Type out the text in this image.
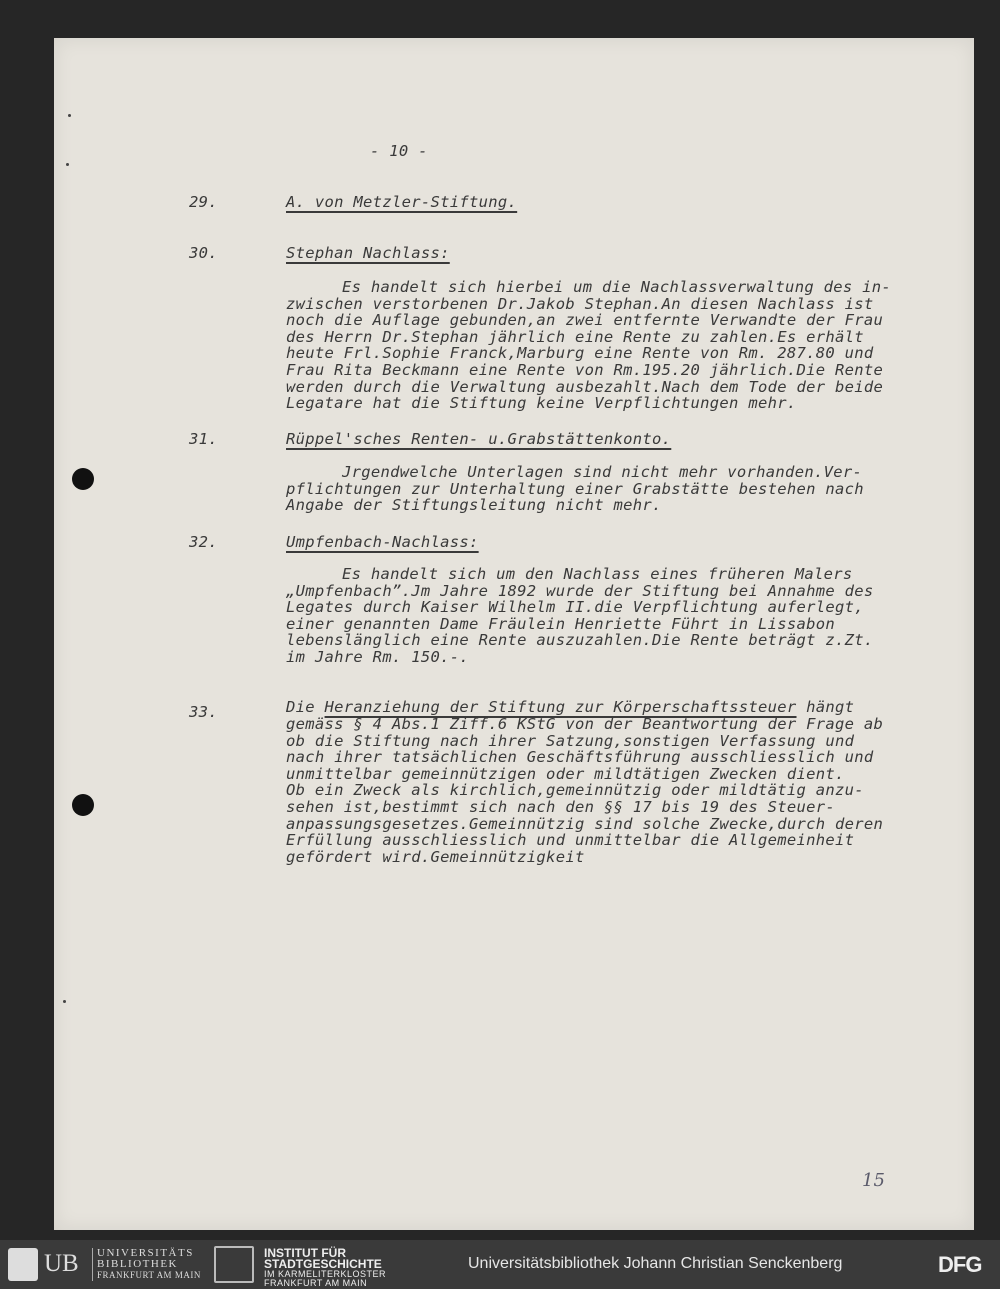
- 10 -
29.	A. von Metzler-Stiftung.
30.	Stephan Nachlass:
Es handelt sich hierbei um die Nachlassverwaltung des in-
zwischen verstorbenen Dr.Jakob Stephan.An diesen Nachlass ist
noch die Auflage gebunden,an zwei entfernte Verwandte der Frau
des Herrn Dr.Stephan jährlich eine Rente zu zahlen.Es erhält
heute Frl.Sophie Franck,Marburg eine Rente von Rm. 287.80 und
Frau Rita Beckmann eine Rente von Rm.195.20 jährlich.Die Rente
werden durch die Verwaltung ausbezahlt.Nach dem Tode der beide
Legatare hat die Stiftung keine Verpflichtungen mehr.
31.	Rüppel'sches Renten- u.Grabstättenkonto.
Jrgendwelche Unterlagen sind nicht mehr vorhanden.Ver-
pflichtungen zur Unterhaltung einer Grabstätte bestehen nach
Angabe der Stiftungsleitung nicht mehr.
32.	Umpfenbach-Nachlass:
Es handelt sich um den Nachlass eines früheren Malers
„Umpfenbach”.Jm Jahre 1892 wurde der Stiftung bei Annahme des
Legates durch Kaiser Wilhelm II.die Verpflichtung auferlegt,
einer genannten Dame Fräulein Henriette Führt in Lissabon
lebenslänglich eine Rente auszuzahlen.Die Rente beträgt z.Zt.
im Jahre Rm. 150.-.
33.	Die Heranziehung der Stiftung zur Körperschaftssteuer hängt
gemäss § 4 Abs.1 Ziff.6 KStG von der Beantwortung der Frage ab
ob die Stiftung nach ihrer Satzung,sonstigen Verfassung und
nach ihrer tatsächlichen Geschäftsführung ausschliesslich und
unmittelbar gemeinnützigen oder mildtätigen Zwecken dient.
Ob ein Zweck als kirchlich,gemeinnützig oder mildtätig anzu-
sehen ist,bestimmt sich nach den §§ 17 bis 19 des Steuer-
anpassungsgesetzes.Gemeinnützig sind solche Zwecke,durch deren
Erfüllung ausschliesslich und unmittelbar die Allgemeinheit
gefördert wird.Gemeinnützigkeit
15
UB UNIVERSITÄTS
BIBLIOTHEK
FRANKFURT AM MAIN
INSTITUT FÜR
STADTGESCHICHTE
IM KARMELITERKLOSTER
FRANKFURT AM MAIN
Universitätsbibliothek Johann Christian Senckenberg	DFG
